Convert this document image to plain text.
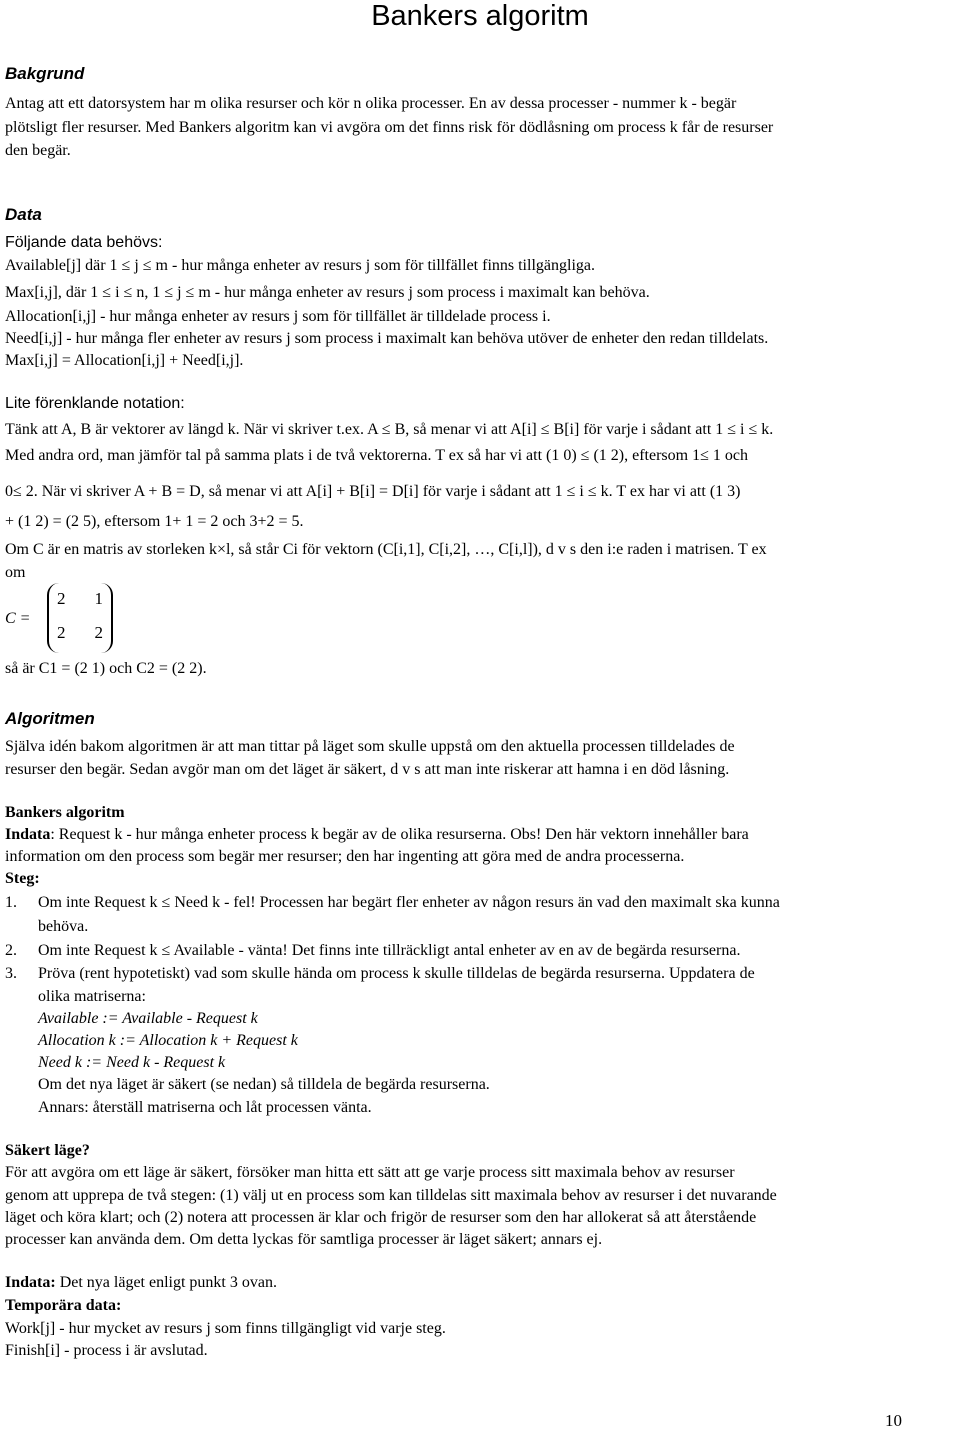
Bankers algoritm
Bakgrund
Antag att ett datorsystem har m olika resurser och kör n olika processer. En av dessa processer - nummer k - begär
plötsligt fler resurser. Med Bankers algoritm kan vi avgöra om det finns risk för dödlåsning om process k får de resurser
den begär.
Data
Följande data behövs:
Available[j] där 1 ≤ j ≤ m - hur många enheter av resurs j som för tillfället finns tillgängliga.
Max[i,j], där 1 ≤ i ≤ n, 1 ≤ j ≤ m - hur många enheter av resurs j som process i maximalt kan behöva.
Allocation[i,j] - hur många enheter av resurs j som för tillfället är tilldelade process i.
Need[i,j] - hur många fler enheter av resurs j som process i maximalt kan behöva utöver de enheter den redan tilldelats.
Max[i,j] = Allocation[i,j] + Need[i,j].
Lite förenklande notation:
Tänk att A, B är vektorer av längd k. När vi skriver t.ex. A ≤ B, så menar vi att A[i] ≤ B[i] för varje i sådant att 1 ≤ i ≤ k.
Med andra ord, man jämför tal på samma plats i de två vektorerna. T ex så har vi att (1 0) ≤ (1 2), eftersom 1≤ 1 och
0≤ 2. När vi skriver A + B = D, så menar vi att A[i] + B[i] = D[i] för varje i sådant att 1 ≤ i ≤ k. T ex har vi att (1 3)
+ (1 2) = (2 5), eftersom 1+ 1 = 2 och 3+2 = 5.
Om C är en matris av storleken k×l, så står Ci för vektorn (C[i,1], C[i,2], …, C[i,l]), d v s den i:e raden i matrisen. T ex
om
C =
2 1
2 2
så är C1 = (2 1) och C2 = (2 2).
Algoritmen
Själva idén bakom algoritmen är att man tittar på läget som skulle uppstå om den aktuella processen tilldelades de
resurser den begär. Sedan avgör man om det läget är säkert, d v s att man inte riskerar att hamna i en död låsning.
Bankers algoritm
Indata: Request k - hur många enheter process k begär av de olika resurserna. Obs! Den här vektorn innehåller bara
information om den process som begär mer resurser; den har ingenting att göra med de andra processerna.
Steg:
1. Om inte Request k ≤ Need k - fel! Processen har begärt fler enheter av någon resurs än vad den maximalt ska kunna
behöva.
2. Om inte Request k ≤ Available - vänta! Det finns inte tillräckligt antal enheter av en av de begärda resurserna.
3. Pröva (rent hypotetiskt) vad som skulle hända om process k skulle tilldelas de begärda resurserna. Uppdatera de
olika matriserna:
Available := Available - Request k
Allocation k := Allocation k + Request k
Need k := Need k - Request k
Om det nya läget är säkert (se nedan) så tilldela de begärda resurserna.
Annars: återställ matriserna och låt processen vänta.
Säkert läge?
För att avgöra om ett läge är säkert, försöker man hitta ett sätt att ge varje process sitt maximala behov av resurser
genom att upprepa de två stegen: (1) välj ut en process som kan tilldelas sitt maximala behov av resurser i det nuvarande
läget och köra klart; och (2) notera att processen är klar och frigör de resurser som den har allokerat så att återstående
processer kan använda dem. Om detta lyckas för samtliga processer är läget säkert; annars ej.
Indata: Det nya läget enligt punkt 3 ovan.
Temporära data:
Work[j] - hur mycket av resurs j som finns tillgängligt vid varje steg.
Finish[i] - process i är avslutad.
10
